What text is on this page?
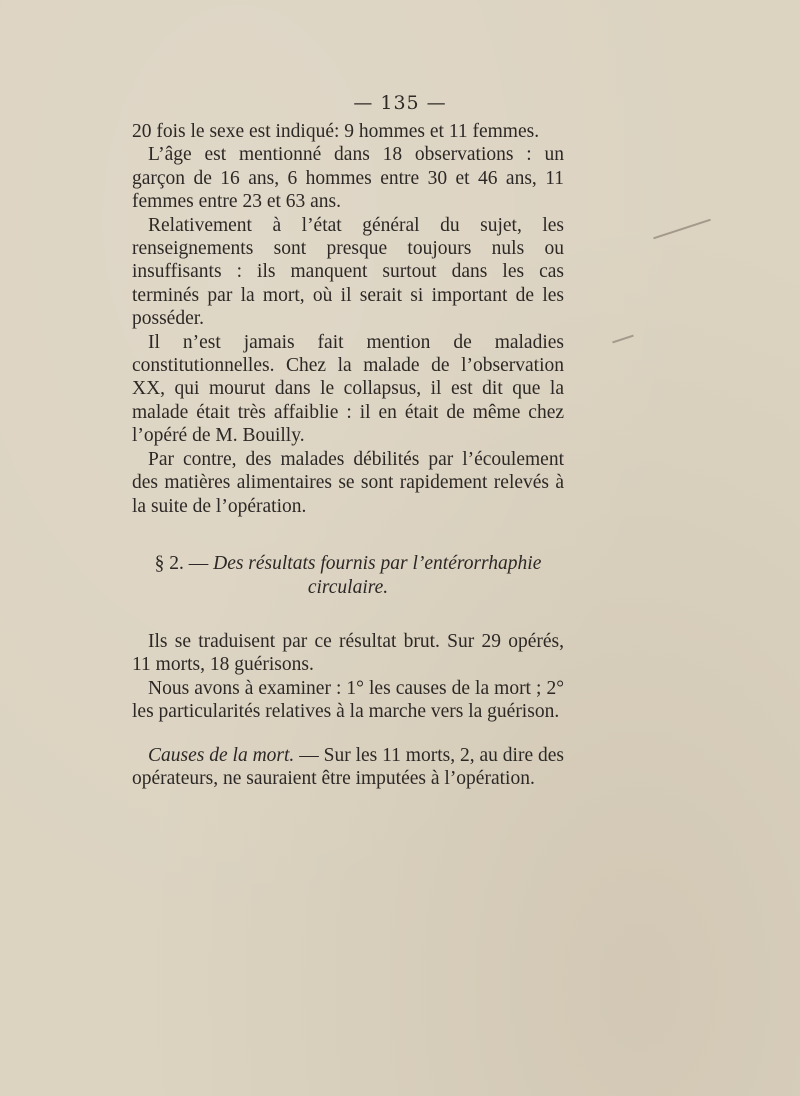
— 135 —

20 fois le sexe est indiqué: 9 hommes et 11 femmes.

L’âge est mentionné dans 18 observations : un garçon de 16 ans, 6 hommes entre 30 et 46 ans, 11 femmes entre 23 et 63 ans.

Relativement à l’état général du sujet, les renseignements sont presque toujours nuls ou insuffisants : ils manquent surtout dans les cas terminés par la mort, où il serait si important de les posséder.

Il n’est jamais fait mention de maladies constitutionnelles. Chez la malade de l’observation XX, qui mourut dans le collapsus, il est dit que la malade était très affaiblie : il en était de même chez l’opéré de M. Bouilly.

Par contre, des malades débilités par l’écoulement des matières alimentaires se sont rapidement relevés à la suite de l’opération.

§ 2. — Des résultats fournis par l’entérorrhaphie circulaire.

Ils se traduisent par ce résultat brut. Sur 29 opérés, 11 morts, 18 guérisons.

Nous avons à examiner : 1° les causes de la mort ; 2° les particularités relatives à la marche vers la guérison.

Causes de la mort. — Sur les 11 morts, 2, au dire des opérateurs, ne sauraient être imputées à l’opération.
